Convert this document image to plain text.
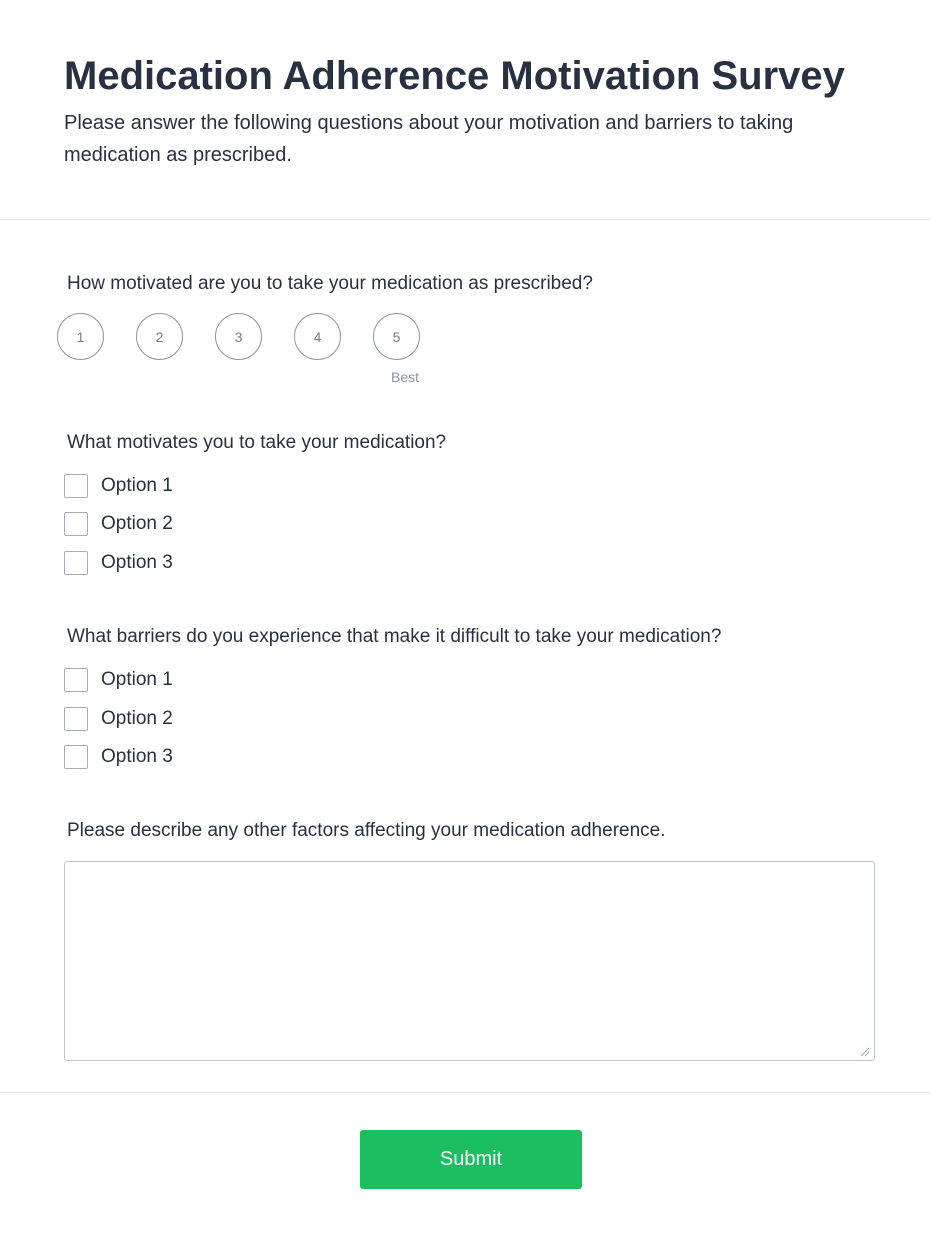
Medication Adherence Motivation Survey

Please answer the following questions about your motivation and barriers to taking medication as prescribed.

How motivated are you to take your medication as prescribed?

1	2	3	4	5
Best

What motivates you to take your medication?

Option 1
Option 2
Option 3

What barriers do you experience that make it difficult to take your medication?

Option 1
Option 2
Option 3

Please describe any other factors affecting your medication adherence.

Submit
